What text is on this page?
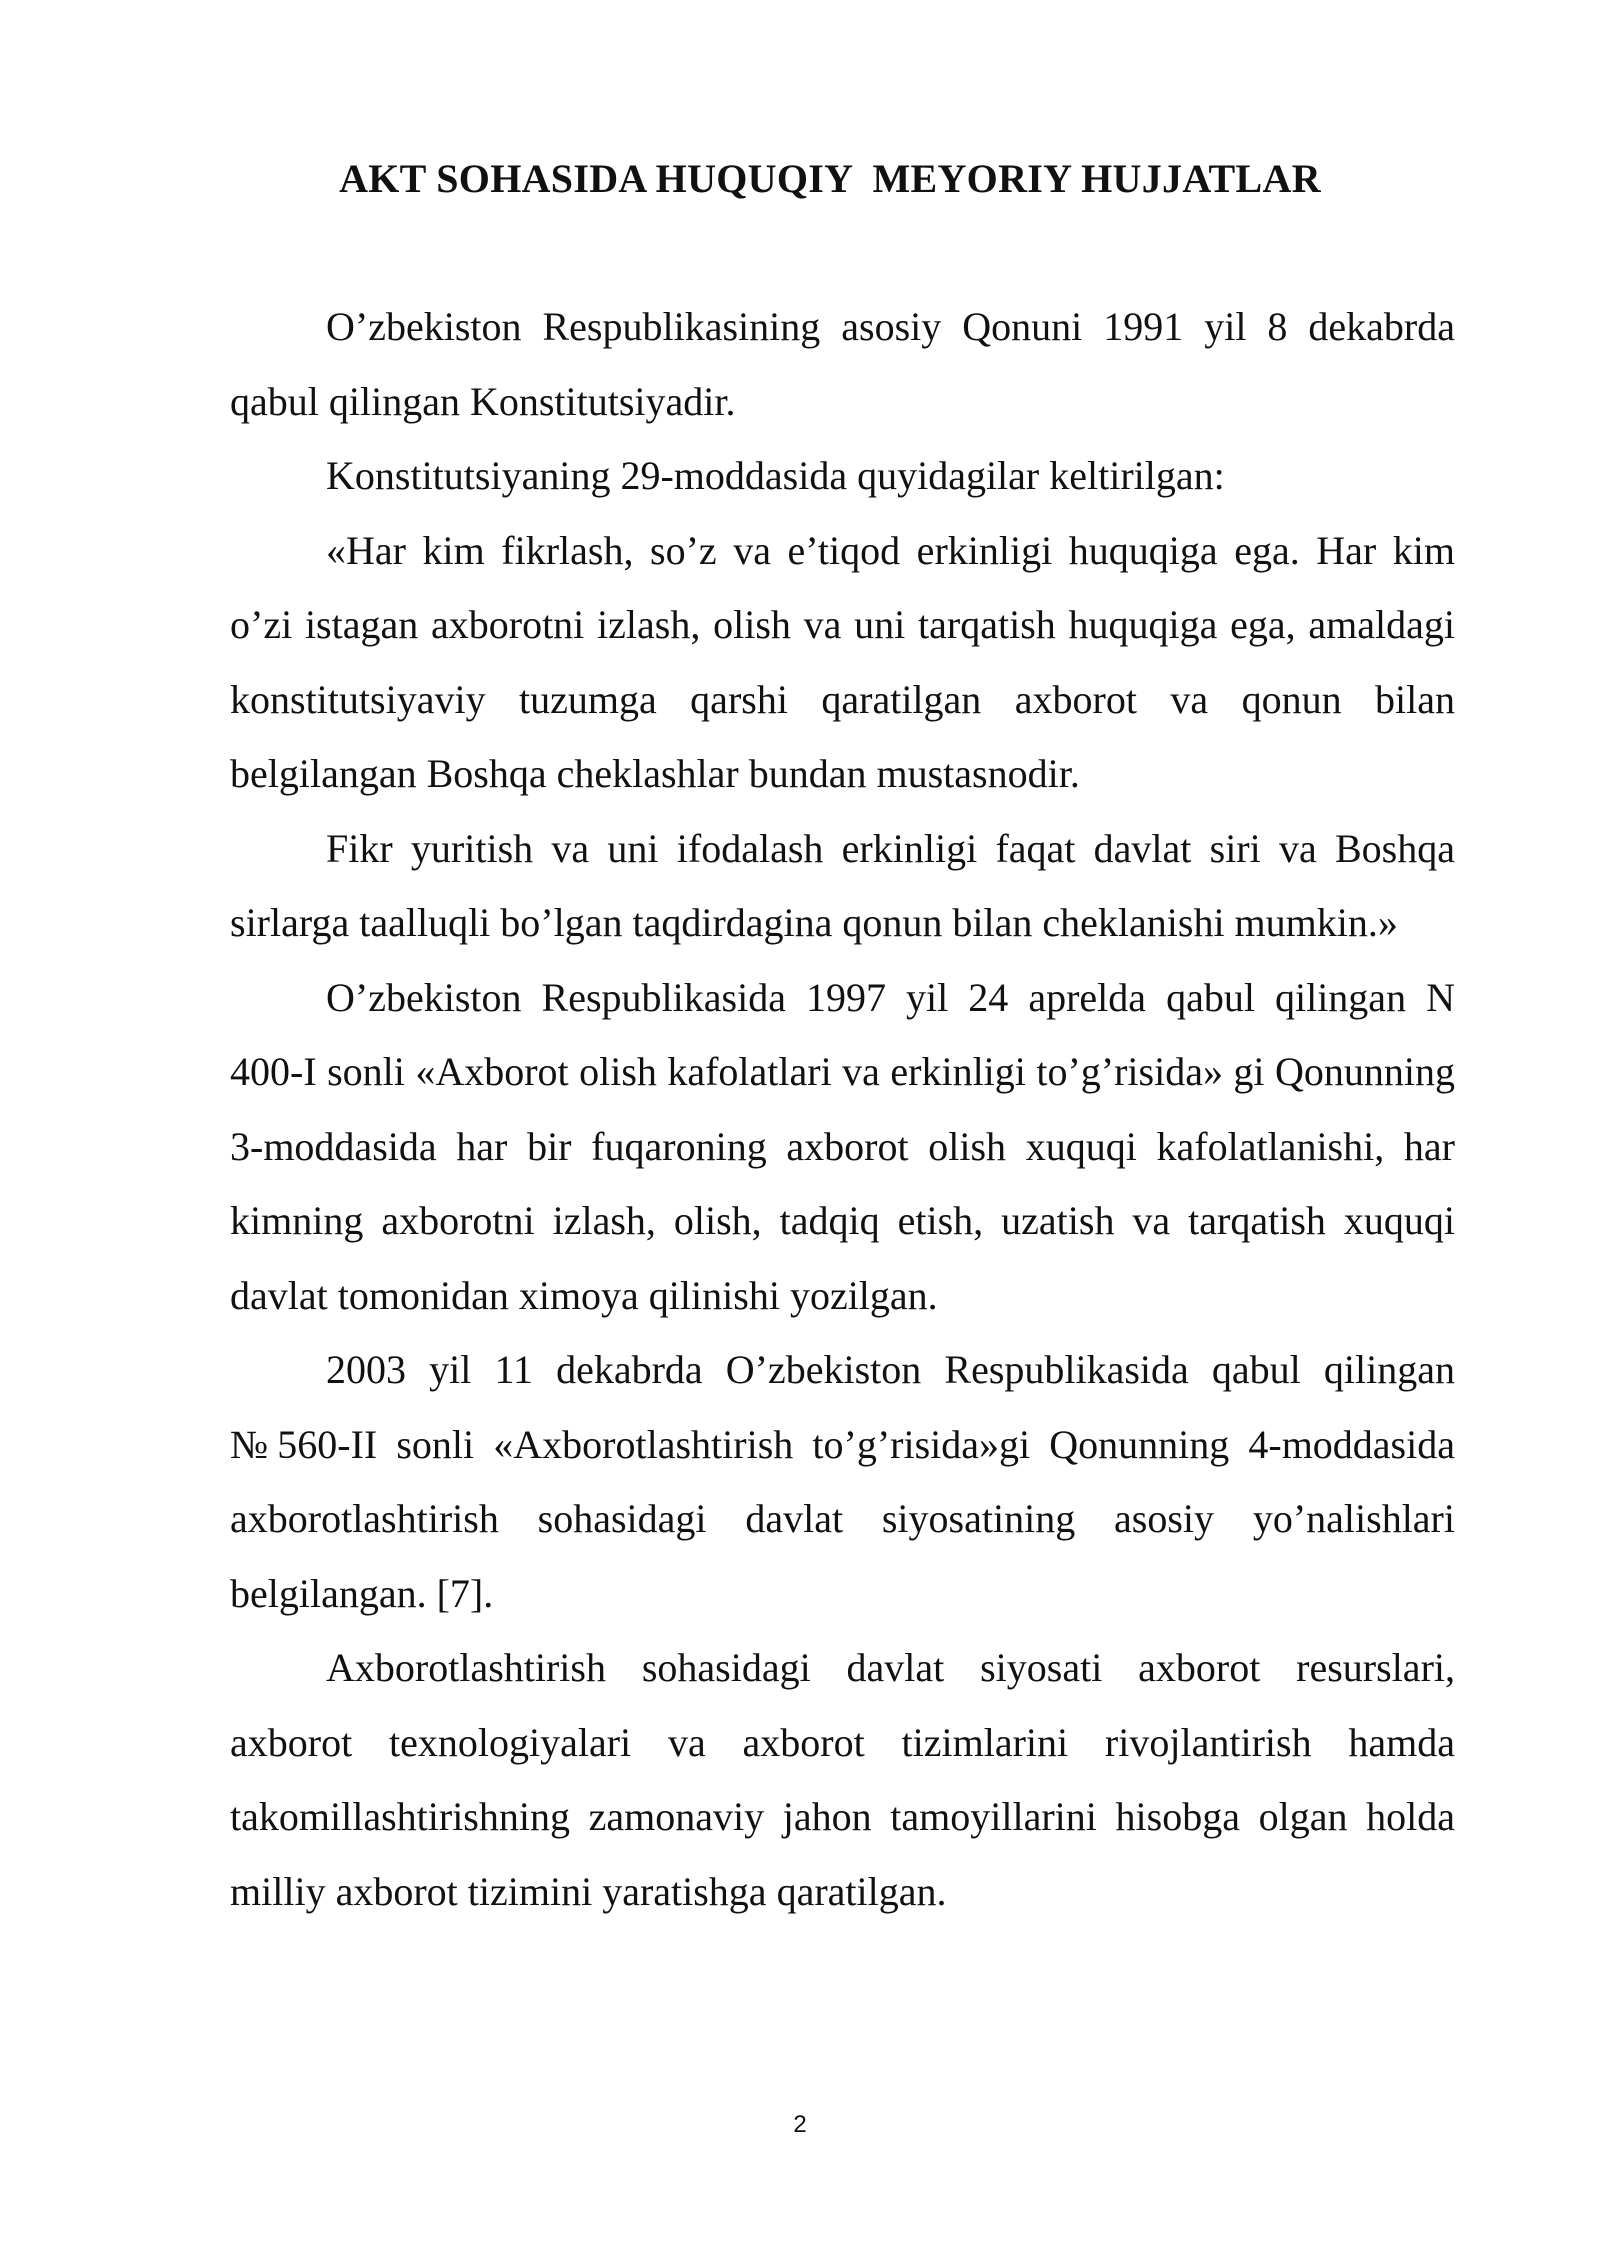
AKT SOHASIDA HUQUQIY  MEYORIY HUJJATLAR

O’zbekiston Respublikasining asosiy Qonuni 1991 yil 8 dekabrda qabul qilingan Konstitutsiyadir.

Konstitutsiyaning 29-moddasida quyidagilar keltirilgan:

«Har kim fikrlash, so’z va e’tiqod erkinligi huquqiga ega. Har kim o’zi istagan axborotni izlash, olish va uni tarqatish huquqiga ega, amaldagi konstitutsiyaviy tuzumga qarshi qaratilgan axborot va qonun bilan belgilangan Boshqa cheklashlar bundan mustasnodir.

Fikr yuritish va uni ifodalash erkinligi faqat davlat siri va Boshqa sirlarga taalluqli bo’lgan taqdirdagina qonun bilan cheklanishi mumkin.»

O’zbekiston Respublikasida 1997 yil 24 aprelda qabul qilingan N 400-I sonli «Axborot olish kafolatlari va erkinligi to’g’risida» gi Qonunning 3-moddasida har bir fuqaroning axborot olish xuquqi kafolatlanishi, har kimning axborotni izlash, olish, tadqiq etish, uzatish va tarqatish xuquqi davlat tomonidan ximoya qilinishi yozilgan.

2003 yil 11 dekabrda O’zbekiston Respublikasida qabul qilingan №560-II sonli «Axborotlashtirish to’g’risida»gi Qonunning 4-moddasida axborotlashtirish sohasidagi davlat siyosatining asosiy yo’nalishlari belgilangan. [7].

Axborotlashtirish sohasidagi davlat siyosati axborot resurslari, axborot texnologiyalari va axborot tizimlarini rivojlantirish hamda takomillashtirishning zamonaviy jahon tamoyillarini hisobga olgan holda milliy axborot tizimini yaratishga qaratilgan.

2
